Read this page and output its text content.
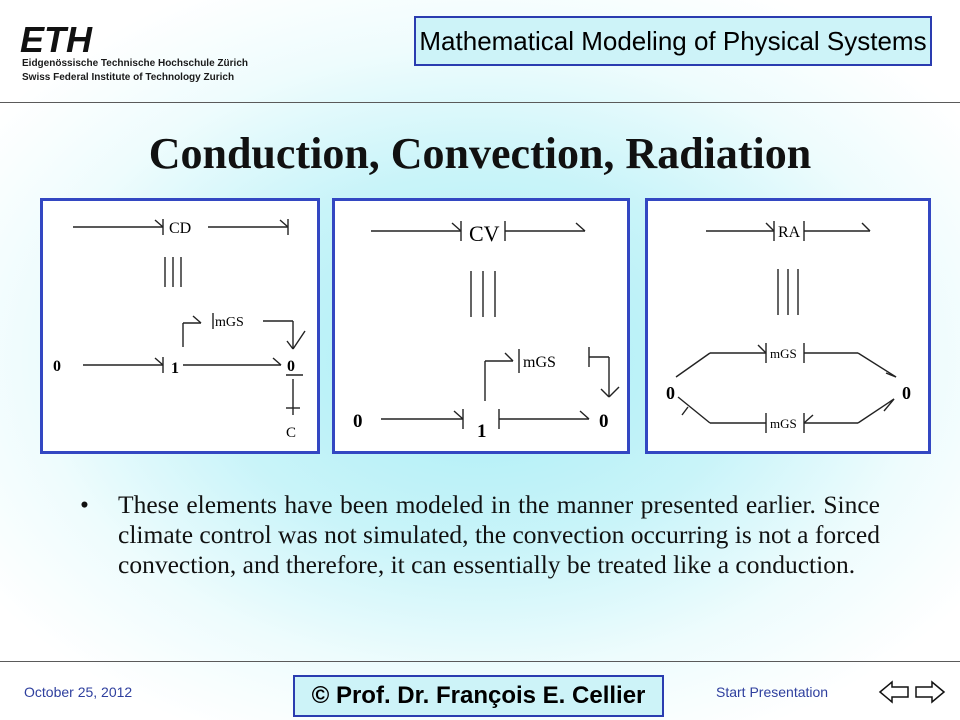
ETH
Eidgenössische Technische Hochschule Zürich
Swiss Federal Institute of Technology Zurich
Mathematical Modeling of Physical Systems
Conduction, Convection, Radiation
CD
mGS
0	1	0
C
CV
mGS
0	1	0
RA
mGS
mGS
0	0
• These elements have been modeled in the manner presented earlier. Since climate control was not simulated, the convection occurring is not a forced convection, and therefore, it can essentially be treated like a conduction.
October 25, 2012	© Prof. Dr. François E. Cellier	Start Presentation
